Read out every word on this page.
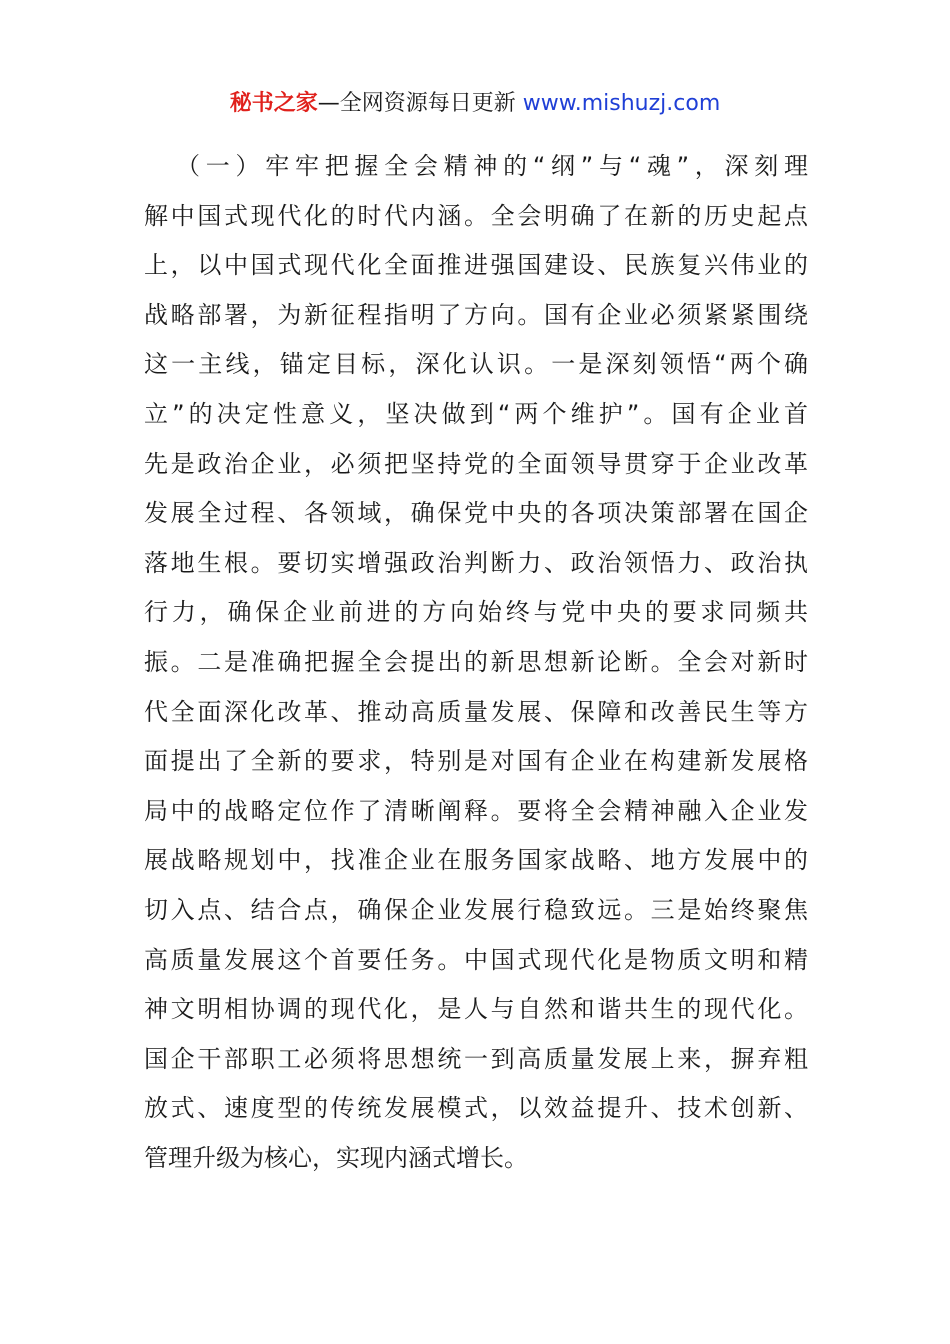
秘书之家—全网资源每日更新 www.mishuzj.com
（一）牢牢把握全会精神的“纲”与“魂”，深刻理
解中国式现代化的时代内涵。全会明确了在新的历史起点
上，以中国式现代化全面推进强国建设、民族复兴伟业的
战略部署，为新征程指明了方向。国有企业必须紧紧围绕
这一主线，锚定目标，深化认识。一是深刻领悟“两个确
立”的决定性意义，坚决做到“两个维护”。国有企业首
先是政治企业，必须把坚持党的全面领导贯穿于企业改革
发展全过程、各领域，确保党中央的各项决策部署在国企
落地生根。要切实增强政治判断力、政治领悟力、政治执
行力，确保企业前进的方向始终与党中央的要求同频共
振。二是准确把握全会提出的新思想新论断。全会对新时
代全面深化改革、推动高质量发展、保障和改善民生等方
面提出了全新的要求，特别是对国有企业在构建新发展格
局中的战略定位作了清晰阐释。要将全会精神融入企业发
展战略规划中，找准企业在服务国家战略、地方发展中的
切入点、结合点，确保企业发展行稳致远。三是始终聚焦
高质量发展这个首要任务。中国式现代化是物质文明和精
神文明相协调的现代化，是人与自然和谐共生的现代化。
国企干部职工必须将思想统一到高质量发展上来，摒弃粗
放式、速度型的传统发展模式，以效益提升、技术创新、
管理升级为核心，实现内涵式增长。
